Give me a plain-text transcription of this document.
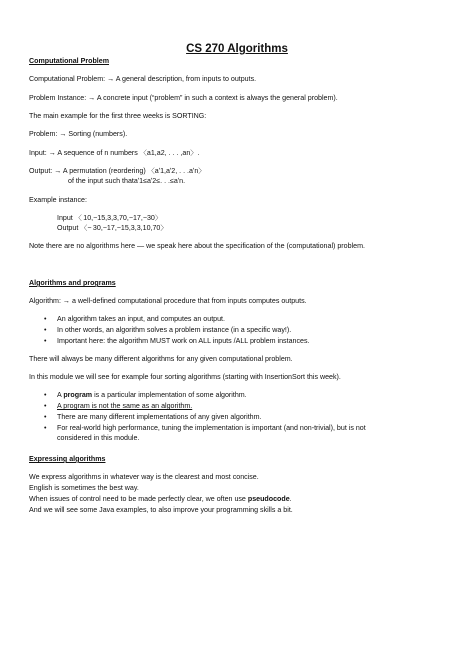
CS 270 Algorithms
Computational Problem
Computational Problem: → A general description, from inputs to outputs.
Problem Instance: → A concrete input (“problem” in such a context is always the general problem).
The main example for the first three weeks is SORTING:
Problem: → Sorting (numbers).
Input: → A sequence of n numbers 〈a1,a2, . . . ,an〉.
Output: → A permutation (reordering) 〈aʹ1,aʹ2, . . .aʹn〉
of the input such thataʹ1≤aʹ2≤. . .≤aʹn.
Example instance:
Input 〈 10,−15,3,3,70,−17,−30〉
Output 〈− 30,−17,−15,3,3,10,70〉
Note there are no algorithms here — we speak here about the specification of the (computational) problem.
Algorithms and programs
Algorithm: → a well-defined computational procedure that from inputs computes outputs.
• An algorithm takes an input, and computes an output.
• In other words, an algorithm solves a problem instance (in a specific way!).
• Important here: the algorithm MUST work on ALL inputs /ALL problem instances.
There will always be many different algorithms for any given computational problem.
In this module we will see for example four sorting algorithms (starting with InsertionSort this week).
• A program is a particular implementation of some algorithm.
• A program is not the same as an algorithm.
• There are many different implementations of any given algorithm.
• For real-world high performance, tuning the implementation is important (and non-trivial), but is not
considered in this module.
Expressing algorithms
We express algorithms in whatever way is the clearest and most concise.
English is sometimes the best way.
When issues of control need to be made perfectly clear, we often use pseudocode.
And we will see some Java examples, to also improve your programming skills a bit.
